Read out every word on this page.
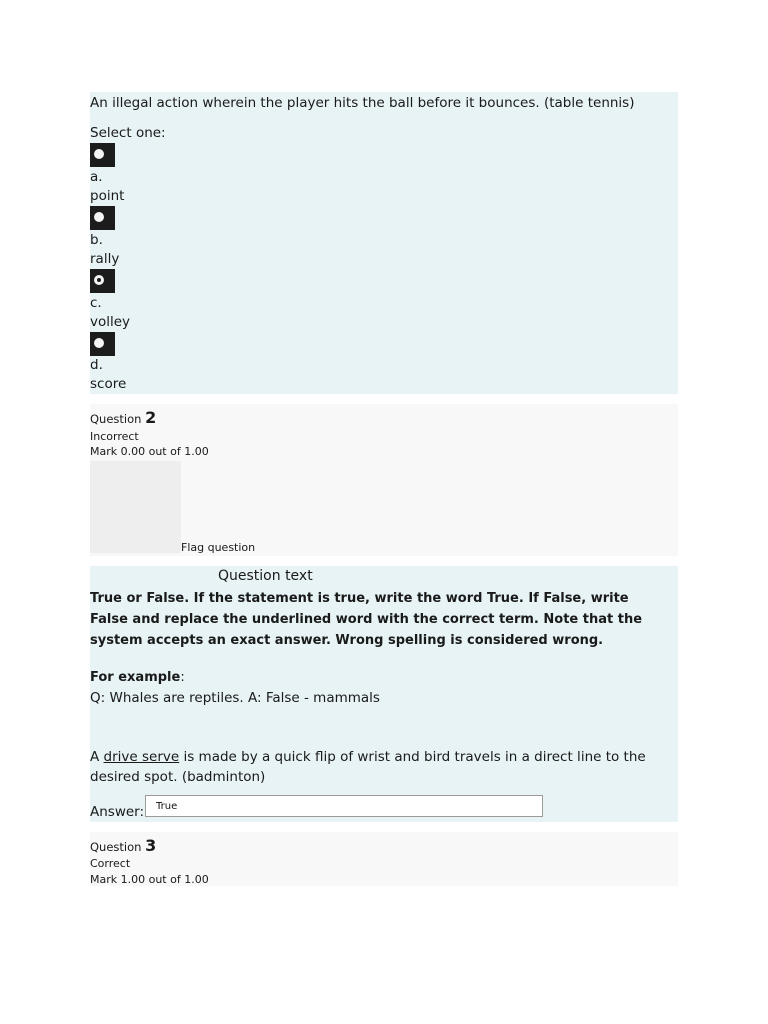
An illegal action wherein the player hits the ball before it bounces. (table tennis)
Select one:
a.
point
b.
rally
c.
volley
d.
score
Question 2
Incorrect
Mark 0.00 out of 1.00
Flag question
Question text
True or False. If the statement is true, write the word True. If False, write False and replace the underlined word with the correct term. Note that the system accepts an exact answer. Wrong spelling is considered wrong.
For example:
Q: Whales are reptiles. A: False - mammals
A drive serve is made by a quick flip of wrist and bird travels in a direct line to the desired spot. (badminton)
Answer:
True
Question 3
Correct
Mark 1.00 out of 1.00
